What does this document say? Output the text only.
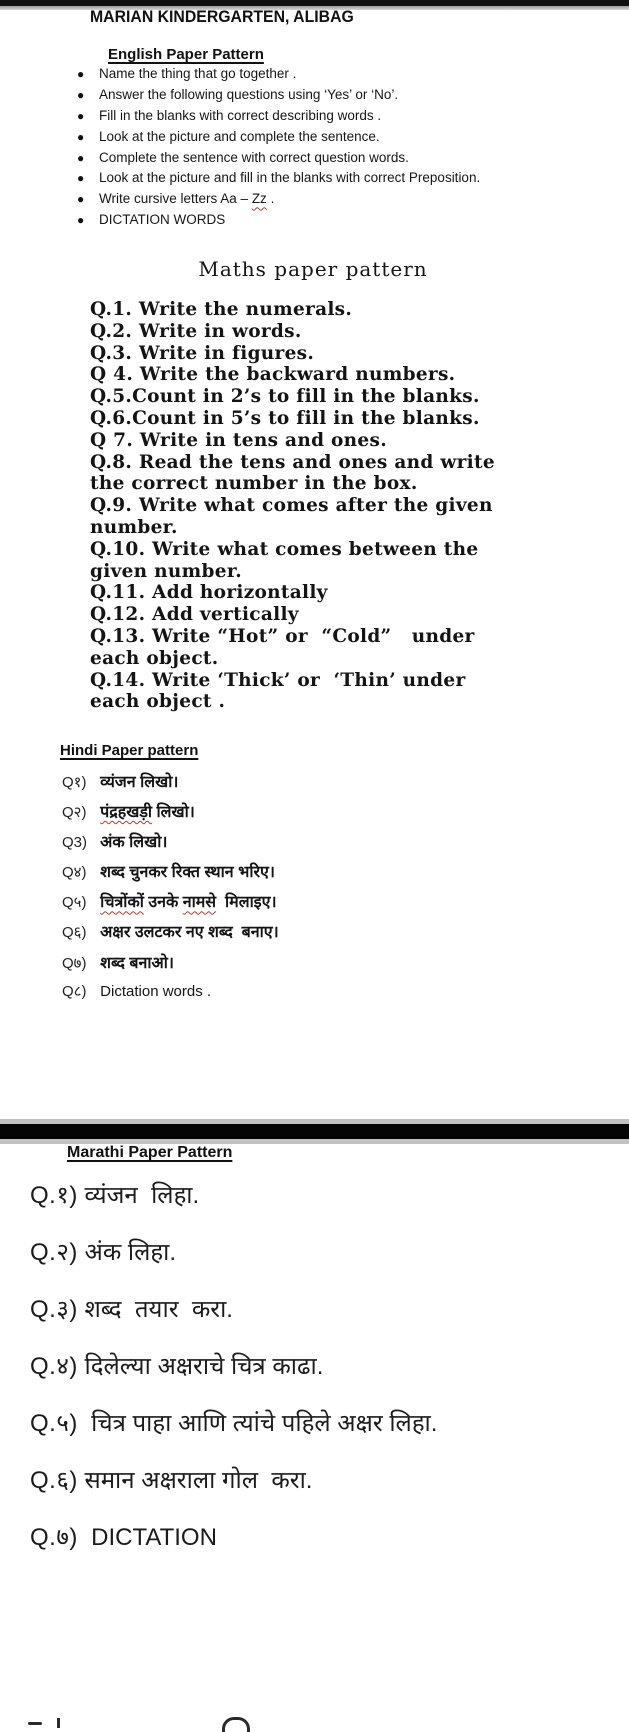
MARIAN KINDERGARTEN, ALIBAG
English Paper Pattern
●	Name the thing that go together .
●	Answer the following questions using ‘Yes’ or ‘No’.
●	Fill in the blanks with correct describing words .
●	Look at the picture and complete the sentence.
●	Complete the sentence with correct question words.
●	Look at the picture and fill in the blanks with correct Preposition.
●	Write cursive letters Aa – Zz .
●	DICTATION WORDS
Maths paper pattern
Q.1. Write the numerals.
Q.2. Write in words.
Q.3. Write in figures.
Q 4. Write the backward numbers.
Q.5.Count in 2’s to fill in the blanks.
Q.6.Count in 5’s to fill in the blanks.
Q 7. Write in tens and ones.
Q.8. Read the tens and ones and write
the correct number in the box.
Q.9. Write what comes after the given
number.
Q.10. Write what comes between the
given number.
Q.11. Add horizontally
Q.12. Add vertically
Q.13. Write “Hot” or  “Cold”   under
each object.
Q.14. Write ‘Thick’ or  ‘Thin’ under
each object .
Hindi Paper pattern
Q१) व्यंजन लिखो।
Q२) पंद्रहखड़ी लिखो।
Q3) अंक लिखो।
Q४) शब्द चुनकर रिक्त स्थान भरिए।
Q५) चित्रोंकों उनके नामसे  मिलाइए।
Q६) अक्षर उलटकर नए शब्द  बनाए।
Q७) शब्द बनाओ।
Q८) Dictation words .
Marathi Paper Pattern
Q.१) व्यंजन  लिहा.
Q.२) अंक लिहा.
Q.३) शब्द  तयार  करा.
Q.४) दिलेल्या अक्षराचे चित्र काढा.
Q.५)  चित्र पाहा आणि त्यांचे पहिले अक्षर लिहा.
Q.६) समान अक्षराला गोल  करा.
Q.७)  DICTATION
